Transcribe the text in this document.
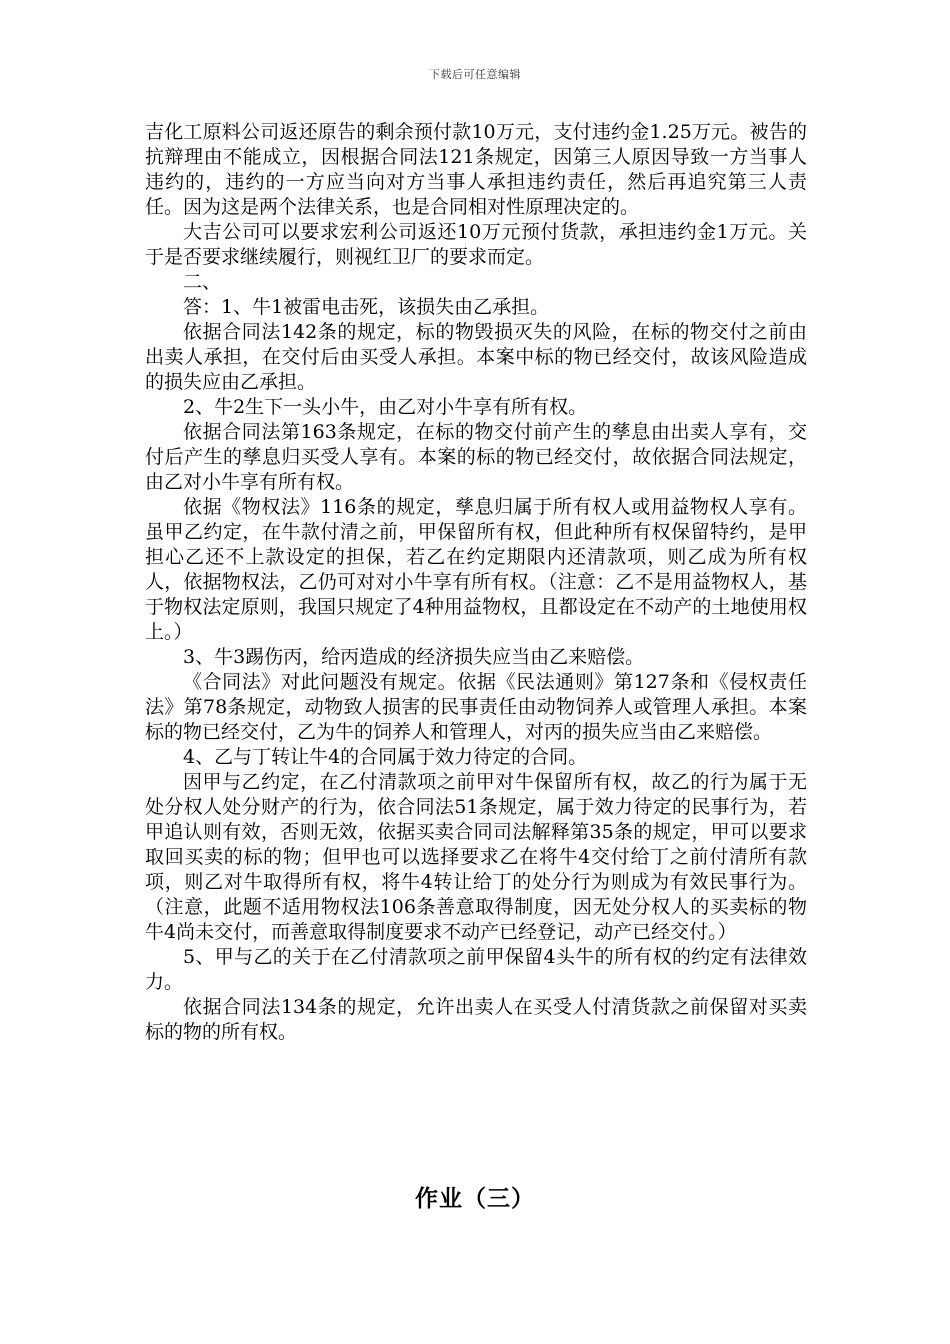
下载后可任意编辑

吉化工原料公司返还原告的剩余预付款10万元，支付违约金1.25万元。被告的抗辩理由不能成立，因根据合同法121条规定，因第三人原因导致一方当事人违约的，违约的一方应当向对方当事人承担违约责任，然后再追究第三人责任。因为这是两个法律关系，也是合同相对性原理决定的。

大吉公司可以要求宏利公司返还10万元预付货款，承担违约金1万元。关于是否要求继续履行，则视红卫厂的要求而定。

二、

答：1、牛1被雷电击死，该损失由乙承担。

依据合同法142条的规定，标的物毁损灭失的风险，在标的物交付之前由出卖人承担，在交付后由买受人承担。本案中标的物已经交付，故该风险造成的损失应由乙承担。

2、牛2生下一头小牛，由乙对小牛享有所有权。

依据合同法第163条规定，在标的物交付前产生的孳息由出卖人享有，交付后产生的孳息归买受人享有。本案的标的物已经交付，故依据合同法规定，由乙对小牛享有所有权。

依据《物权法》116条的规定，孳息归属于所有权人或用益物权人享有。虽甲乙约定，在牛款付清之前，甲保留所有权，但此种所有权保留特约，是甲担心乙还不上款设定的担保，若乙在约定期限内还清款项，则乙成为所有权人，依据物权法，乙仍可对对小牛享有所有权。（注意：乙不是用益物权人，基于物权法定原则，我国只规定了4种用益物权，且都设定在不动产的土地使用权上。）

3、牛3踢伤丙，给丙造成的经济损失应当由乙来赔偿。

《合同法》对此问题没有规定。依据《民法通则》第127条和《侵权责任法》第78条规定，动物致人损害的民事责任由动物饲养人或管理人承担。本案标的物已经交付，乙为牛的饲养人和管理人，对丙的损失应当由乙来赔偿。

4、乙与丁转让牛4的合同属于效力待定的合同。

因甲与乙约定，在乙付清款项之前甲对牛保留所有权，故乙的行为属于无处分权人处分财产的行为，依合同法51条规定，属于效力待定的民事行为，若甲追认则有效，否则无效，依据买卖合同司法解释第35条的规定，甲可以要求取回买卖的标的物；但甲也可以选择要求乙在将牛4交付给丁之前付清所有款项，则乙对牛取得所有权，将牛4转让给丁的处分行为则成为有效民事行为。（注意，此题不适用物权法106条善意取得制度，因无处分权人的买卖标的物牛4尚未交付，而善意取得制度要求不动产已经登记，动产已经交付。）

5、甲与乙的关于在乙付清款项之前甲保留4头牛的所有权的约定有法律效力。

依据合同法134条的规定，允许出卖人在买受人付清货款之前保留对买卖标的物的所有权。

作业（三）
